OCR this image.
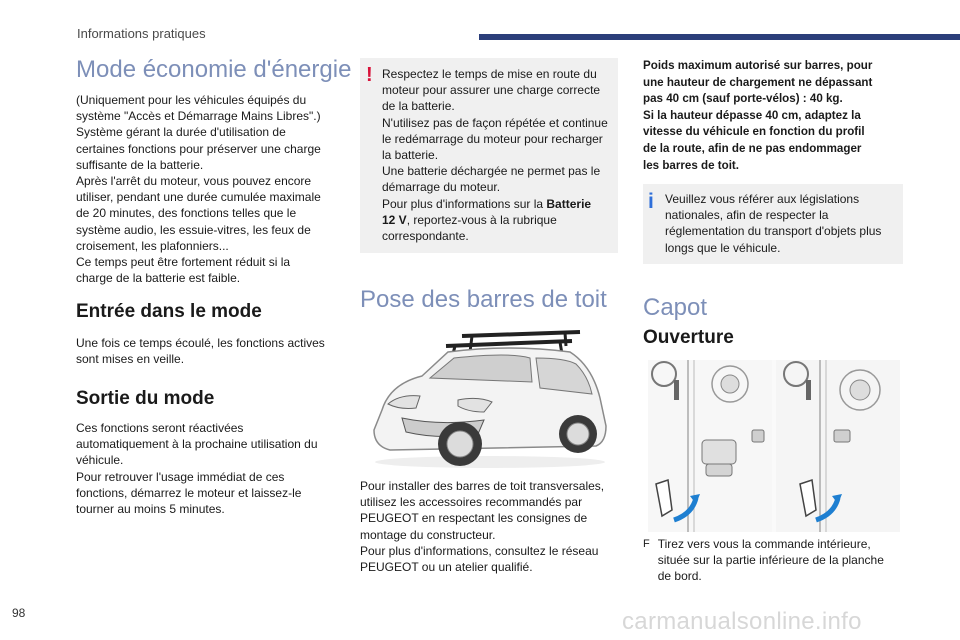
Informations pratiques
Mode économie d'énergie

(Uniquement pour les véhicules équipés du

système "Accès et Démarrage Mains Libres".)

Système gérant la durée d'utilisation de

certaines fonctions pour préserver une charge

suffisante de la batterie.

Après l'arrêt du moteur, vous pouvez encore

utiliser, pendant une durée cumulée maximale

de 20 minutes, des fonctions telles que le

système audio, les essuie-vitres, les feux de

croisement, les plafonniers...

Ce temps peut être fortement réduit si la

charge de la batterie est faible.

Entrée dans le mode

Une fois ce temps écoulé, les fonctions actives

sont mises en veille.

Sortie du mode

Ces fonctions seront réactivées

automatiquement à la prochaine utilisation du

véhicule.

Pour retrouver l'usage immédiat de ces

fonctions, démarrez le moteur et laissez-le

tourner au moins 5 minutes.

! Respectez le temps de mise en route du

moteur pour assurer une charge correcte

de la batterie.

N'utilisez pas de façon répétée et continue

le redémarrage du moteur pour recharger

la batterie.

Une batterie déchargée ne permet pas le

démarrage du moteur.

Pour plus d'informations sur la Batterie

12 V, reportez-vous à la rubrique

correspondante.

Pose des barres de toit

Pour installer des barres de toit transversales,

utilisez les accessoires recommandés par

PEUGEOT en respectant les consignes de

montage du constructeur.

Pour plus d'informations, consultez le réseau

PEUGEOT ou un atelier qualifié.

Poids maximum autorisé sur barres, pour

une hauteur de chargement ne dépassant

pas 40 cm (sauf porte-vélos) : 40 kg.

Si la hauteur dépasse 40 cm, adaptez la

vitesse du véhicule en fonction du profil

de la route, afin de ne pas endommager

les barres de toit.

i Veuillez vous référer aux législations

nationales, afin de respecter la

réglementation du transport d'objets plus

longs que le véhicule.

Capot
Ouverture
F Tirez vers vous la commande intérieure,

située sur la partie inférieure de la planche

de bord.

98	carmanualsonline.info
